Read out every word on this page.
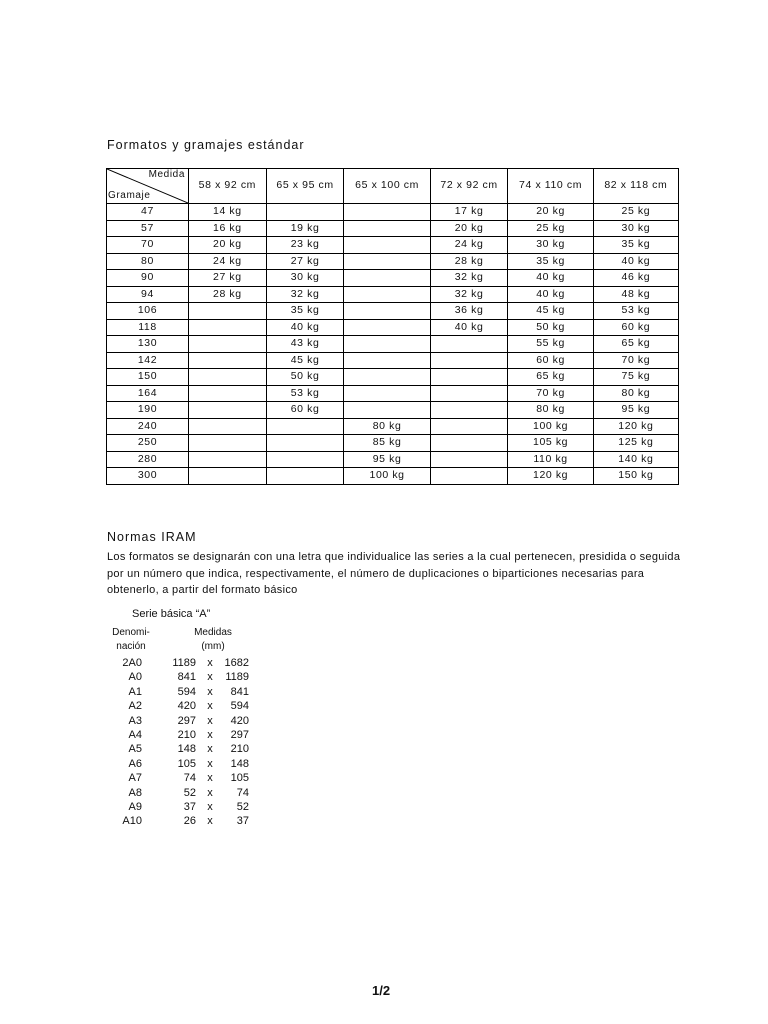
Formatos y gramajes estándar
Medida
Gramaje	58 x 92 cm	65 x 95 cm	65 x 100 cm	72 x 92 cm	74 x 110 cm	82 x 118 cm
47	14 kg			17 kg	20 kg	25 kg
57	16 kg	19 kg		20 kg	25 kg	30 kg
70	20 kg	23 kg		24 kg	30 kg	35 kg
80	24 kg	27 kg		28 kg	35 kg	40 kg
90	27 kg	30 kg		32 kg	40 kg	46 kg
94	28 kg	32 kg		32 kg	40 kg	48 kg
106		35 kg		36 kg	45 kg	53 kg
118		40 kg		40 kg	50 kg	60 kg
130		43 kg			55 kg	65 kg
142		45 kg			60 kg	70 kg
150		50 kg			65 kg	75 kg
164		53 kg			70 kg	80 kg
190		60 kg			80 kg	95 kg
240			80 kg		100 kg	120 kg
250			85 kg		105 kg	125 kg
280			95 kg		110 kg	140 kg
300			100 kg		120 kg	150 kg
Normas IRAM

Los formatos se designarán con una letra que individualice las series a la cual pertenecen, presidida o seguida por un número que indica, respectivamente, el número de duplicaciones o biparticiones necesarias para obtenerlo, a partir del formato básico

Serie básica “A”

Denomi-
nación
Medidas
(mm)
2A0	1189 x	1682
A0	841 x	1189
A1	594 x	841
A2	420 x	594
A3	297 x	420
A4	210 x	297
A5	148 x	210
A6	105 x	148
A7	74 x	105
A8	52 x	74
A9	37 x	52
A10	26 x	37
1/2
